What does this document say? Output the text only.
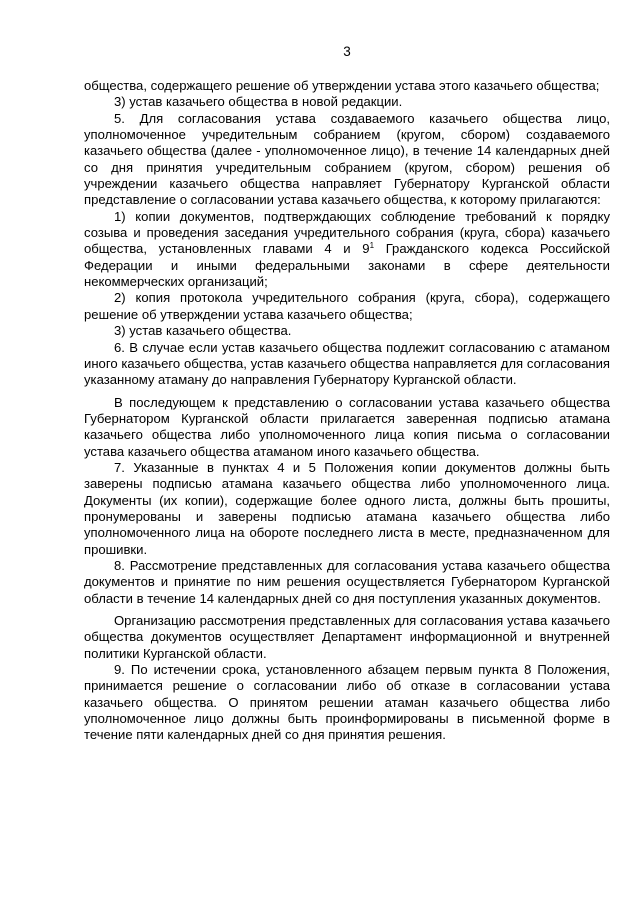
3

общества, содержащего решение об утверждении устава этого казачьего общества;

3) устав казачьего общества в новой редакции.

5. Для согласования устава создаваемого казачьего общества лицо, уполномоченное учредительным собранием (кругом, сбором) создаваемого казачьего общества (далее - уполномоченное лицо), в течение 14 календарных дней со дня принятия учредительным собранием (кругом, сбором) решения об учреждении казачьего общества направляет Губернатору Курганской области представление о согласовании устава казачьего общества, к которому прилагаются:

1) копии документов, подтверждающих соблюдение требований к порядку созыва и проведения заседания учредительного собрания (круга, сбора) казачьего общества, установленных главами 4 и $9^1$ Гражданского кодекса Российской Федерации и иными федеральными законами в сфере деятельности некоммерческих организаций;

2) копия протокола учредительного собрания (круга, сбора), содержащего решение об утверждении устава казачьего общества;

3) устав казачьего общества.

6. В случае если устав казачьего общества подлежит согласованию с атаманом иного казачьего общества, устав казачьего общества направляется для согласования указанному атаману до направления Губернатору Курганской области.

В последующем к представлению о согласовании устава казачьего общества Губернатором Курганской области прилагается заверенная подписью атамана казачьего общества либо уполномоченного лица копия письма о согласовании устава казачьего общества атаманом иного казачьего общества.

7. Указанные в пунктах 4 и 5 Положения копии документов должны быть заверены подписью атамана казачьего общества либо уполномоченного лица. Документы (их копии), содержащие более одного листа, должны быть прошиты, пронумерованы и заверены подписью атамана казачьего общества либо уполномоченного лица на обороте последнего листа в месте, предназначенном для прошивки.

8. Рассмотрение представленных для согласования устава казачьего общества документов и принятие по ним решения осуществляется Губернатором Курганской области в течение 14 календарных дней со дня поступления указанных документов.

Организацию рассмотрения представленных для согласования устава казачьего общества документов осуществляет Департамент информационной и внутренней политики Курганской области.

9. По истечении срока, установленного абзацем первым пункта 8 Положения, принимается решение о согласовании либо об отказе в согласовании устава казачьего общества. О принятом решении атаман казачьего общества либо уполномоченное лицо должны быть проинформированы в письменной форме в течение пяти календарных дней со дня принятия решения.
